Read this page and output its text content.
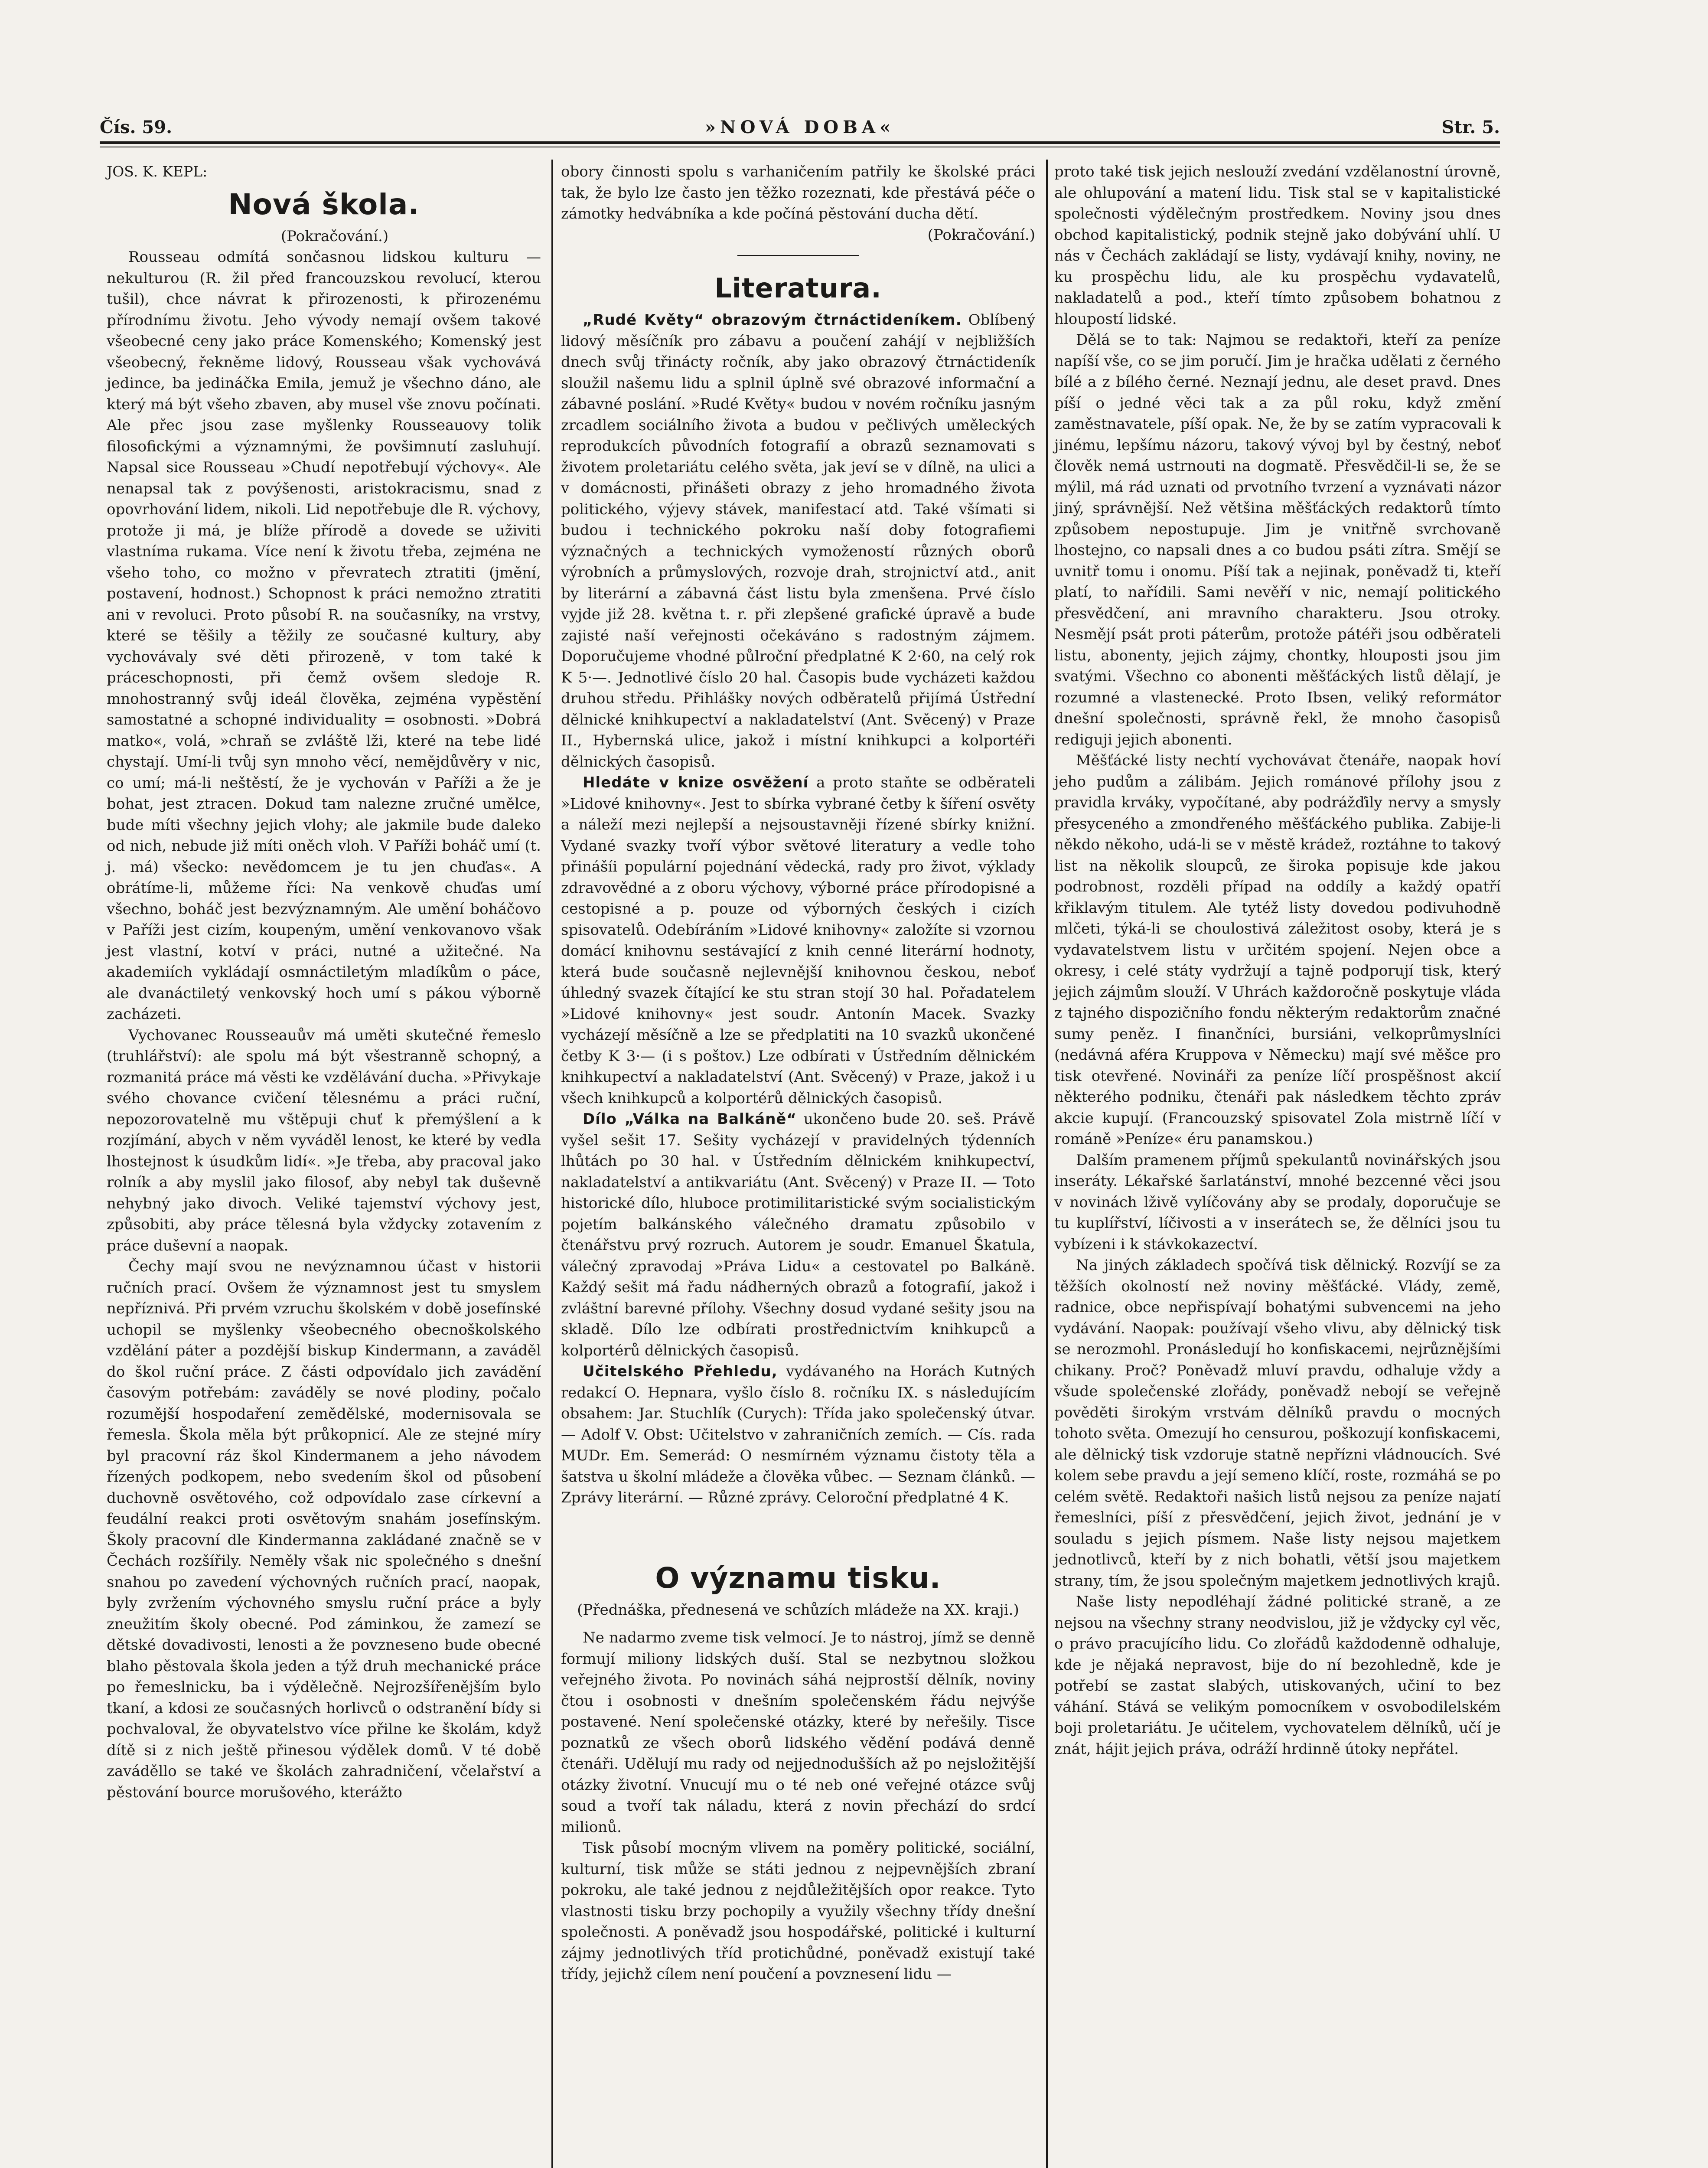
Čís. 59.	»NOVÁ DOBA«	Str. 5.
JOS. K. KEPL:
Nová škola.

(Pokračování.)

Rousseau odmítá sončasnou lidskou kulturu — nekulturou (R. žil před francouzskou revolucí, kterou tušil), chce návrat k přirozenosti, k přirozenému přírodnímu životu. Jeho vývody nemají ovšem takové všeobecné ceny jako práce Komenského; Komenský jest všeobecný, řekněme lidový, Rousseau však vychovává jedince, ba jedináčka Emila, jemuž je všechno dáno, ale který má být všeho zbaven, aby musel vše znovu počínati. Ale přec jsou zase myšlenky Rousseauovy tolik filosofickými a významnými, že povšimnutí zasluhují. Napsal sice Rousseau »Chudí nepotřebují výchovy«. Ale nenapsal tak z povýšenosti, aristokracismu, snad z opovrhování lidem, nikoli. Lid nepotřebuje dle R. výchovy, protože ji má, je blíže přírodě a dovede se uživiti vlastníma rukama. Více není k životu třeba, zejména ne všeho toho, co možno v převratech ztratiti (jmění, postavení, hodnost.) Schopnost k práci nemožno ztratiti ani v revoluci. Proto působí R. na současníky, na vrstvy, které se těšily a těžily ze současné kultury, aby vychovávaly své děti přirozeně, v tom také k práceschopnosti, při čemž ovšem sledoje R. mnohostranný svůj ideál člověka, zejména vypěstění samostatné a schopné individuality = osobnosti. »Dobrá matko«, volá, »chraň se zvláště lži, které na tebe lidé chystají. Umí-li tvůj syn mnoho věcí, nemějdůvěry v nic, co umí; má-li neštěstí, že je vychován v Paříži a že je bohat, jest ztracen. Dokud tam nalezne zručné umělce, bude míti všechny jejich vlohy; ale jakmile bude daleko od nich, nebude již míti oněch vloh. V Paříži boháč umí (t. j. má) všecko: nevědomcem je tu jen chuďas«. A obrátíme-li, můžeme říci: Na venkově chuďas umí všechno, boháč jest bezvýznamným. Ale umění boháčovo v Paříži jest cizím, koupeným, umění venkovanovo však jest vlastní, kotví v práci, nutné a užitečné. Na akademiích vykládají osmnáctiletým mladíkům o páce, ale dvanáctiletý venkovský hoch umí s pákou výborně zacházeti.

Vychovanec Rousseauův má uměti skutečné řemeslo (truhlářství): ale spolu má být všestranně schopný, a rozmanitá práce má věsti ke vzdělávání ducha. »Přivykaje svého chovance cvičení tělesnému a práci ruční, nepozorovatelně mu vštěpuji chuť k přemýšlení a k rozjímání, abych v něm vyváděl lenost, ke které by vedla lhostejnost k úsudkům lidí«. »Je třeba, aby pracoval jako rolník a aby myslil jako filosof, aby nebyl tak duševně nehybný jako divoch. Veliké tajemství výchovy jest, způsobiti, aby práce tělesná byla vždycky zotavením z práce duševní a naopak.

Čechy mají svou ne nevýznamnou účast v historii ručních prací. Ovšem že významnost jest tu smyslem nepříznivá. Při prvém vzruchu školském v době josefínské uchopil se myšlenky všeobecného obecnoškolského vzdělání páter a pozdější biskup Kindermann, a zaváděl do škol ruční práce. Z části odpovídalo jich zavádění časovým potřebám: zaváděly se nové plodiny, počalo rozumější hospodaření zemědělské, modernisovala se řemesla. Škola měla být průkopnicí. Ale ze stejné míry byl pracovní ráz škol Kindermanem a jeho návodem řízených podkopem, nebo svedením škol od působení duchovně osvětového, což odpovídalo zase církevní a feudální reakci proti osvětovým snahám josefínským. Školy pracovní dle Kindermanna zakládané značně se v Čechách rozšířily. Neměly však nic společného s dnešní snahou po zavedení výchovných ručních prací, naopak, byly zvržením výchovného smyslu ruční práce a byly zneužitím školy obecné. Pod záminkou, že zamezí se dětské dovadivosti, lenosti a že povzneseno bude obecné blaho pěstovala škola jeden a týž druh mechanické práce po řemeslnicku, ba i výdělečně. Nejrozšířenějším bylo tkaní, a kdosi ze současných horlivců o odstranění bídy si pochvaloval, že obyvatelstvo více přilne ke školám, když dítě si z nich ještě přinesou výdělek domů. V té době zaváděllo se také ve školách zahradničení, včelařství a pěstování bource morušového, kterážto

obory činnosti spolu s varhaničením patřily ke školské práci tak, že bylo lze často jen těžko rozeznati, kde přestává péče o zámotky hedvábníka a kde počíná pěstování ducha dětí.

(Pokračování.)

Literatura.

„Rudé Květy“ obrazovým čtrnáctideníkem. Oblíbený lidový měsíčník pro zábavu a poučení zahájí v nejbližších dnech svůj třinácty ročník, aby jako obrazový čtrnáctideník sloužil našemu lidu a splnil úplně své obrazové informační a zábavné poslání. »Rudé Květy« budou v novém ročníku jasným zrcadlem sociálního života a budou v pečlivých uměleckých reprodukcích původních fotografií a obrazů seznamovati s životem proletariátu celého světa, jak jeví se v dílně, na ulici a v domácnosti, přinášeti obrazy z jeho hromadného života politického, výjevy stávek, manifestací atd. Také všímati si budou i technického pokroku naší doby fotografiemi význačných a technických vymožeností různých oborů výrobních a průmyslových, rozvoje drah, strojnictví atd., anit by literární a zábavná část listu byla zmenšena. Prvé číslo vyjde již 28. května t. r. při zlepšené grafické úpravě a bude zajisté naší veřejnosti očekáváno s radostným zájmem. Doporučujeme vhodné půlroční předplatné K 2·60, na celý rok K 5·—. Jednotlivé číslo 20 hal. Časopis bude vycházeti každou druhou středu. Přihlášky nových odběratelů přijímá Ústřední dělnické knihkupectví a nakladatelství (Ant. Svěcený) v Praze II., Hybernská ulice, jakož i místní knihkupci a kolportéři dělnických časopisů.

Hledáte v knize osvěžení a proto staňte se odběrateli »Lidové knihovny«. Jest to sbírka vybrané četby k šíření osvěty a náleží mezi nejlepší a nejsoustavněji řízené sbírky knižní. Vydané svazky tvoří výbor světové literatury a vedle toho přinášíi populární pojednání vědecká, rady pro život, výklady zdravovědné a z oboru výchovy, výborné práce přírodopisné a cestopisné a p. pouze od výborných českých i cizích spisovatelů. Odebíráním »Lidové knihovny« založíte si vzornou domácí knihovnu sestávající z knih cenné literární hodnoty, která bude současně nejlevnější knihovnou českou, neboť úhledný svazek čítající ke stu stran stojí 30 hal. Pořadatelem »Lidové knihovny« jest soudr. Antonín Macek. Svazky vycházejí měsíčně a lze se předplatiti na 10 svazků ukončené četby K 3·— (i s poštov.) Lze odbírati v Ústředním dělnickém knihkupectví a nakladatelství (Ant. Svěcený) v Praze, jakož i u všech knihkupců a kolportérů dělnických časopisů.

Dílo „Válka na Balkáně“ ukončeno bude 20. seš. Právě vyšel sešit 17. Sešity vycházejí v pravidelných týdenních lhůtách po 30 hal. v Ústředním dělnickém knihkupectví, nakladatelství a antikvariátu (Ant. Svěcený) v Praze II. — Toto historické dílo, hluboce protimilitaristické svým socialistickým pojetím balkánského válečného dramatu způsobilo v čtenářstvu prvý rozruch. Autorem je soudr. Emanuel Škatula, válečný zpravodaj »Práva Lidu« a cestovatel po Balkáně. Každý sešit má řadu nádherných obrazů a fotografií, jakož i zvláštní barevné přílohy. Všechny dosud vydané sešity jsou na skladě. Dílo lze odbírati prostřednictvím knihkupců a kolportérů dělnických časopisů.

Učitelského Přehledu, vydávaného na Horách Kutných redakcí O. Hepnara, vyšlo číslo 8. ročníku IX. s následujícím obsahem: Jar. Stuchlík (Curych): Třída jako společenský útvar. — Adolf V. Obst: Učitelstvo v zahraničních zemích. — Cís. rada MUDr. Em. Semerád: O nesmírném významu čistoty těla a šatstva u školní mládeže a člověka vůbec. — Seznam článků. — Zprávy literární. — Různé zprávy. Celoroční předplatné 4 K.

O významu tisku.

(Přednáška, přednesená ve schůzích mládeže na XX. kraji.)

Ne nadarmo zveme tisk velmocí. Je to nástroj, jímž se denně formují miliony lidských duší. Stal se nezbytnou složkou veřejného života. Po novinách sáhá nejprostší dělník, noviny čtou i osobnosti v dnešním společenském řádu nejvýše postavené. Není společenské otázky, které by neřešily. Tisce poznatků ze všech oborů lidského vědění podává denně čtenáři. Udělují mu rady od nejjednodušších až po nejsložitější otázky životní. Vnucují mu o té neb oné veřejné otázce svůj soud a tvoří tak náladu, která z novin přechází do srdcí milionů.

Tisk působí mocným vlivem na poměry politické, sociální, kulturní, tisk může se státi jednou z nejpevnějších zbraní pokroku, ale také jednou z nejdůležitějších opor reakce. Tyto vlastnosti tisku brzy pochopily a využily všechny třídy dnešní společnosti. A poněvadž jsou hospodářské, politické i kulturní zájmy jednotlivých tříd protichůdné, poněvadž existují také třídy, jejichž cílem není poučení a povznesení lidu —

proto také tisk jejich neslouží zvedání vzdělanostní úrovně, ale ohlupování a matení lidu. Tisk stal se v kapitalistické společnosti výdělečným prostředkem. Noviny jsou dnes obchod kapitalistický, podnik stejně jako dobývání uhlí. U nás v Čechách zakládají se listy, vydávají knihy, noviny, ne ku prospěchu lidu, ale ku prospěchu vydavatelů, nakladatelů a pod., kteří tímto způsobem bohatnou z hloupostí lidské.

Dělá se to tak: Najmou se redaktoři, kteří za peníze napíší vše, co se jim poručí. Jim je hračka udělati z černého bílé a z bílého černé. Neznají jednu, ale deset pravd. Dnes píší o jedné věci tak a za půl roku, když změní zaměstnavatele, píší opak. Ne, že by se zatím vypracovali k jinému, lepšímu názoru, takový vývoj byl by čestný, neboť člověk nemá ustrnouti na dogmatě. Přesvědčil-li se, že se mýlil, má rád uznati od prvotního tvrzení a vyznávati názor jiný, správnější. Než většina měšťáckých redaktorů tímto způsobem nepostupuje. Jim je vnitřně svrchovaně lhostejno, co napsali dnes a co budou psáti zítra. Smějí se uvnitř tomu i onomu. Píší tak a nejinak, poněvadž ti, kteří platí, to nařídili. Sami nevěří v nic, nemají politického přesvědčení, ani mravního charakteru. Jsou otroky. Nesmějí psát proti páterům, protože pátéři jsou odběrateli listu, abonenty, jejich zájmy, chontky, hlouposti jsou jim svatými. Všechno co abonenti měšťáckých listů dělají, je rozumné a vlastenecké. Proto Ibsen, veliký reformátor dnešní společnosti, správně řekl, že mnoho časopisů rediguji jejich abonenti.

Měšťácké listy nechtí vychovávat čtenáře, naopak hoví jeho pudům a zálibám. Jejich románové přílohy jsou z pravidla krváky, vypočítané, aby podrážďily nervy a smysly přesyceného a zmondřeného měšťáckého publika. Zabije-li někdo někoho, udá-li se v městě krádež, roztáhne to takový list na několik sloupců, ze široka popisuje kde jakou podrobnost, rozděli případ na oddíly a každý opatří křiklavým titulem. Ale tytéž listy dovedou podivuhodně mlčeti, týká-li se choulostivá záležitost osoby, která je s vydavatelstvem listu v určitém spojení. Nejen obce a okresy, i celé státy vydržují a tajně podporují tisk, který jejich zájmům slouží. V Uhrách každoročně poskytuje vláda z tajného dispozičního fondu některým redaktorům značné sumy peněz. I finančníci, bursiáni, velkoprůmyslníci (nedávná aféra Kruppova v Německu) mají své měšce pro tisk otevřené. Novináři za peníze líčí prospěšnost akcií některého podniku, čtenáři pak následkem těchto zpráv akcie kupují. (Francouzský spisovatel Zola mistrně líčí v románě »Peníze« éru panamskou.)

Dalším pramenem příjmů spekulantů novinářských jsou inseráty. Lékařské šarlatánství, mnohé bezcenné věci jsou v novinách lživě vylíčovány aby se prodaly, doporučuje se tu kuplířství, líčivosti a v inserátech se, že dělníci jsou tu vybízeni i k stávkokazectví.

Na jiných základech spočívá tisk dělnický. Rozvíjí se za těžších okolností než noviny měšťácké. Vlády, země, radnice, obce nepřispívají bohatými subvencemi na jeho vydávání. Naopak: používají všeho vlivu, aby dělnický tisk se nerozmohl. Pronásledují ho konfiskacemi, nejrůznějšími chikany. Proč? Poněvadž mluví pravdu, odhaluje vždy a všude společenské zlořády, poněvadž nebojí se veřejně pověděti širokým vrstvám dělníků pravdu o mocných tohoto světa. Omezují ho censurou, poškozují konfiskacemi, ale dělnický tisk vzdoruje statně nepřízni vládnoucích. Své kolem sebe pravdu a její semeno klíčí, roste, rozmáhá se po celém světě. Redaktoři našich listů nejsou za peníze najatí řemeslníci, píší z přesvědčení, jejich život, jednání je v souladu s jejich písmem. Naše listy nejsou majetkem jednotlivců, kteří by z nich bohatli, větší jsou majetkem strany, tím, že jsou společným majetkem jednotlivých krajů.

Naše listy nepodléhají žádné politické straně, a ze nejsou na všechny strany neodvislou, již je vždycky cyl věc, o právo pracujícího lidu. Co zlořádů každodenně odhaluje, kde je nějaká nepravost, bije do ní bezohledně, kde je potřebí se zastat slabých, utiskovaných, učiní to bez váhání. Stává se velikým pomocníkem v osvobodilelském boji proletariátu. Je učitelem, vychovatelem dělníků, učí je znát, hájit jejich práva, odráží hrdinně útoky nepřátel.
